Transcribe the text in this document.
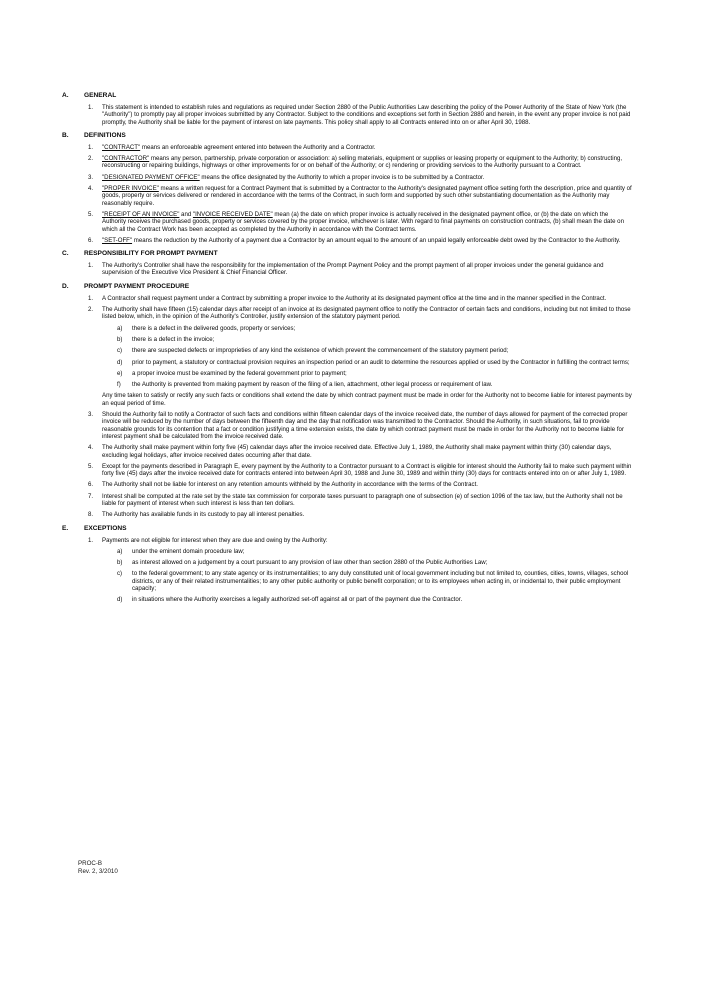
A. GENERAL
1. This statement is intended to establish rules and regulations as required under Section 2880 of the Public Authorities Law describing the policy of the Power Authority of the State of New York (the "Authority") to promptly pay all proper invoices submitted by any Contractor. Subject to the conditions and exceptions set forth in Section 2880 and herein, in the event any proper invoice is not paid promptly, the Authority shall be liable for the payment of interest on late payments. This policy shall apply to all Contracts entered into on or after April 30, 1988.
B. DEFINITIONS
1. "CONTRACT" means an enforceable agreement entered into between the Authority and a Contractor.
2. "CONTRACTOR" means any person, partnership, private corporation or association: a) selling materials, equipment or supplies or leasing property or equipment to the Authority; b) constructing, reconstructing or repairing buildings, highways or other improvements for or on behalf of the Authority; or c) rendering or providing services to the Authority pursuant to a Contract.
3. "DESIGNATED PAYMENT OFFICE" means the office designated by the Authority to which a proper invoice is to be submitted by a Contractor.
4. "PROPER INVOICE" means a written request for a Contract Payment that is submitted by a Contractor to the Authority's designated payment office setting forth the description, price and quantity of goods, property or services delivered or rendered in accordance with the terms of the Contract, in such form and supported by such other substantiating documentation as the Authority may reasonably require.
5. "RECEIPT OF AN INVOICE" and "INVOICE RECEIVED DATE" mean (a) the date on which proper invoice is actually received in the designated payment office, or (b) the date on which the Authority receives the purchased goods, property or services covered by the proper invoice, whichever is later. With regard to final payments on construction contracts, (b) shall mean the date on which all the Contract Work has been accepted as completed by the Authority in accordance with the Contract terms.
6. "SET-OFF" means the reduction by the Authority of a payment due a Contractor by an amount equal to the amount of an unpaid legally enforceable debt owed by the Contractor to the Authority.
C. RESPONSIBILITY FOR PROMPT PAYMENT
1. The Authority's Controller shall have the responsibility for the implementation of the Prompt Payment Policy and the prompt payment of all proper invoices under the general guidance and supervision of the Executive Vice President & Chief Financial Officer.
D. PROMPT PAYMENT PROCEDURE
1. A Contractor shall request payment under a Contract by submitting a proper invoice to the Authority at its designated payment office at the time and in the manner specified in the Contract.
2. The Authority shall have fifteen (15) calendar days after receipt of an invoice at its designated payment office to notify the Contractor of certain facts and conditions, including but not limited to those listed below, which, in the opinion of the Authority's Controller, justify extension of the statutory payment period.
a) there is a defect in the delivered goods, property or services;
b) there is a defect in the invoice;
c) there are suspected defects or improprieties of any kind the existence of which prevent the commencement of the statutory payment period;
d) prior to payment, a statutory or contractual provision requires an inspection period or an audit to determine the resources applied or used by the Contractor in fulfilling the contract terms;
e) a proper invoice must be examined by the federal government prior to payment;
f) the Authority is prevented from making payment by reason of the filing of a lien, attachment, other legal process or requirement of law.
Any time taken to satisfy or rectify any such facts or conditions shall extend the date by which contract payment must be made in order for the Authority not to become liable for interest payments by an equal period of time.
3. Should the Authority fail to notify a Contractor of such facts and conditions within fifteen calendar days of the invoice received date, the number of days allowed for payment of the corrected proper invoice will be reduced by the number of days between the fifteenth day and the day that notification was transmitted to the Contractor. Should the Authority, in such situations, fail to provide reasonable grounds for its contention that a fact or condition justifying a time extension exists, the date by which contract payment must be made in order for the Authority not to become liable for interest payment shall be calculated from the invoice received date.
4. The Authority shall make payment within forty five (45) calendar days after the invoice received date. Effective July 1, 1989, the Authority shall make payment within thirty (30) calendar days, excluding legal holidays, after invoice received dates occurring after that date.
5. Except for the payments described in Paragraph E, every payment by the Authority to a Contractor pursuant to a Contract is eligible for interest should the Authority fail to make such payment within forty five (45) days after the invoice received date for contracts entered into between April 30, 1988 and June 30, 1989 and within thirty (30) days for contracts entered into on or after July 1, 1989.
6. The Authority shall not be liable for interest on any retention amounts withheld by the Authority in accordance with the terms of the Contract.
7. Interest shall be computed at the rate set by the state tax commission for corporate taxes pursuant to paragraph one of subsection (e) of section 1096 of the tax law, but the Authority shall not be liable for payment of interest when such interest is less than ten dollars.
8. The Authority has available funds in its custody to pay all interest penalties.
E. EXCEPTIONS
1. Payments are not eligible for interest when they are due and owing by the Authority:
a) under the eminent domain procedure law;
b) as interest allowed on a judgement by a court pursuant to any provision of law other than section 2880 of the Public Authorities Law;
c) to the federal government; to any state agency or its instrumentalities; to any duly constituted unit of local government including but not limited to, counties, cities, towns, villages, school districts, or any of their related instrumentalities; to any other public authority or public benefit corporation; or to its employees when acting in, or incidental to, their public employment capacity;
d) in situations where the Authority exercises a legally authorized set-off against all or part of the payment due the Contractor.
PROC-B
Rev. 2, 3/2010
